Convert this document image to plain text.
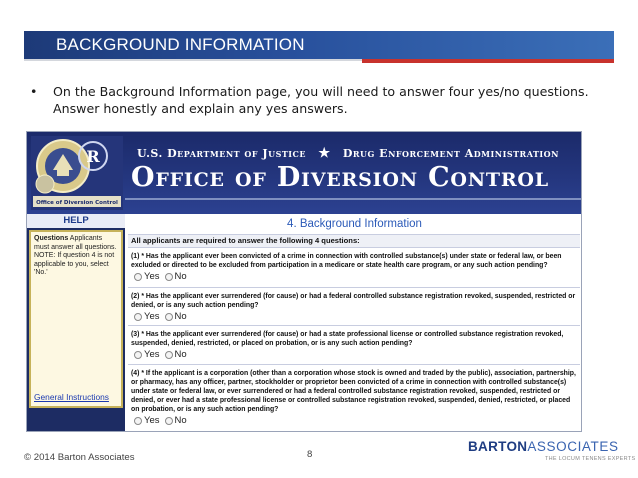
BACKGROUND INFORMATION
• On the Background Information page, you will need to answer four yes/no questions. Answer honestly and explain any yes answers.
R
Office of Diversion Control
U.S. Department of Justice ★ Drug Enforcement Administration
Office of Diversion Control
HELP
Questions Applicants must answer all questions.
NOTE: If question 4 is not applicable to you, select 'No.'
General Instructions
4. Background Information
All applicants are required to answer the following 4 questions:
(1) * Has the applicant ever been convicted of a crime in connection with controlled substance(s) under state or federal law, or been excluded or directed to be excluded from participation in a medicare or state health care program, or any such action pending?
Yes No
(2) * Has the applicant ever surrendered (for cause) or had a federal controlled substance registration revoked, suspended, restricted or denied, or is any such action pending?
Yes No
(3) * Has the applicant ever surrendered (for cause) or had a state professional license or controlled substance registration revoked, suspended, denied, restricted, or placed on probation, or is any such action pending?
Yes No
(4) * If the applicant is a corporation (other than a corporation whose stock is owned and traded by the public), association, partnership, or pharmacy, has any officer, partner, stockholder or proprietor been convicted of a crime in connection with controlled substance(s) under state or federal law, or ever surrendered or had a federal controlled substance registration revoked, suspended, restricted or denied, or ever had a state professional license or controlled substance registration revoked, suspended, denied, restricted, or placed on probation, or is any such action pending?
Yes No
© 2014 Barton Associates	8
BARTONASSOCIATES
THE LOCUM TENENS EXPERTS
